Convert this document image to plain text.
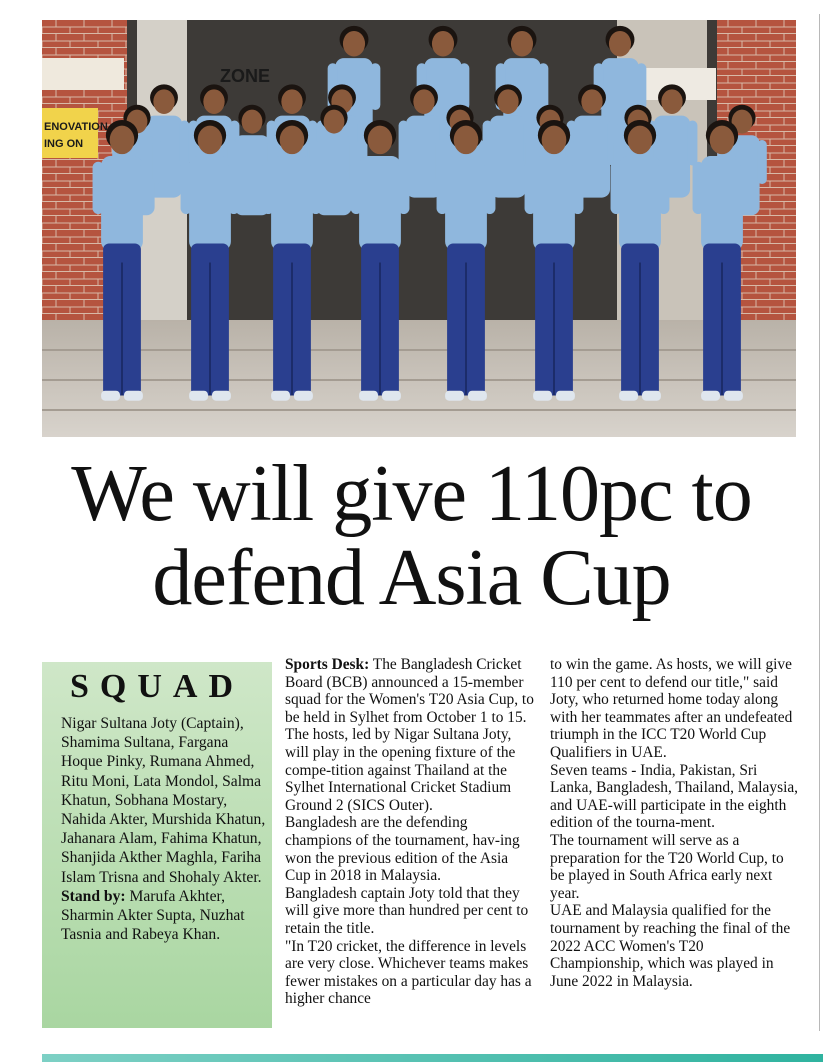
ENOVATION
ING ON
ZONE
We will give 110pc to
defend Asia Cup
SQUAD
Nigar Sultana Joty (Captain), Shamima Sultana, Fargana Hoque Pinky, Rumana Ahmed, Ritu Moni, Lata Mondol, Salma Khatun, Sobhana Mostary, Nahida Akter, Murshida Khatun, Jahanara Alam, Fahima Khatun, Shanjida Akther Maghla, Fariha Islam Trisna and Shohaly Akter. Stand by: Marufa Akhter, Sharmin Akter Supta, Nuzhat Tasnia and Rabeya Khan.

Sports Desk: The Bangladesh Cricket Board (BCB) announced a 15-member squad for the Women's T20 Asia Cup, to be held in Sylhet from October 1 to 15. The hosts, led by Nigar Sultana Joty, will play in the opening fixture of the compe-tition against Thailand at the Sylhet International Cricket Stadium Ground 2 (SICS Outer).

Bangladesh are the defending champions of the tournament, hav-ing won the previous edition of the Asia Cup in 2018 in Malaysia.

Bangladesh captain Joty told that they will give more than hundred per cent to retain the title.

"In T20 cricket, the difference in levels are very close. Whichever teams makes fewer mistakes on a particular day has a higher chance

to win the game. As hosts, we will give 110 per cent to defend our title," said Joty, who returned home today along with her teammates after an undefeated triumph in the ICC T20 World Cup Qualifiers in UAE.

Seven teams - India, Pakistan, Sri Lanka, Bangladesh, Thailand, Malaysia, and UAE-will participate in the eighth edition of the tourna-ment.

The tournament will serve as a preparation for the T20 World Cup, to be played in South Africa early next year.

UAE and Malaysia qualified for the tournament by reaching the final of the 2022 ACC Women's T20 Championship, which was played in June 2022 in Malaysia.
